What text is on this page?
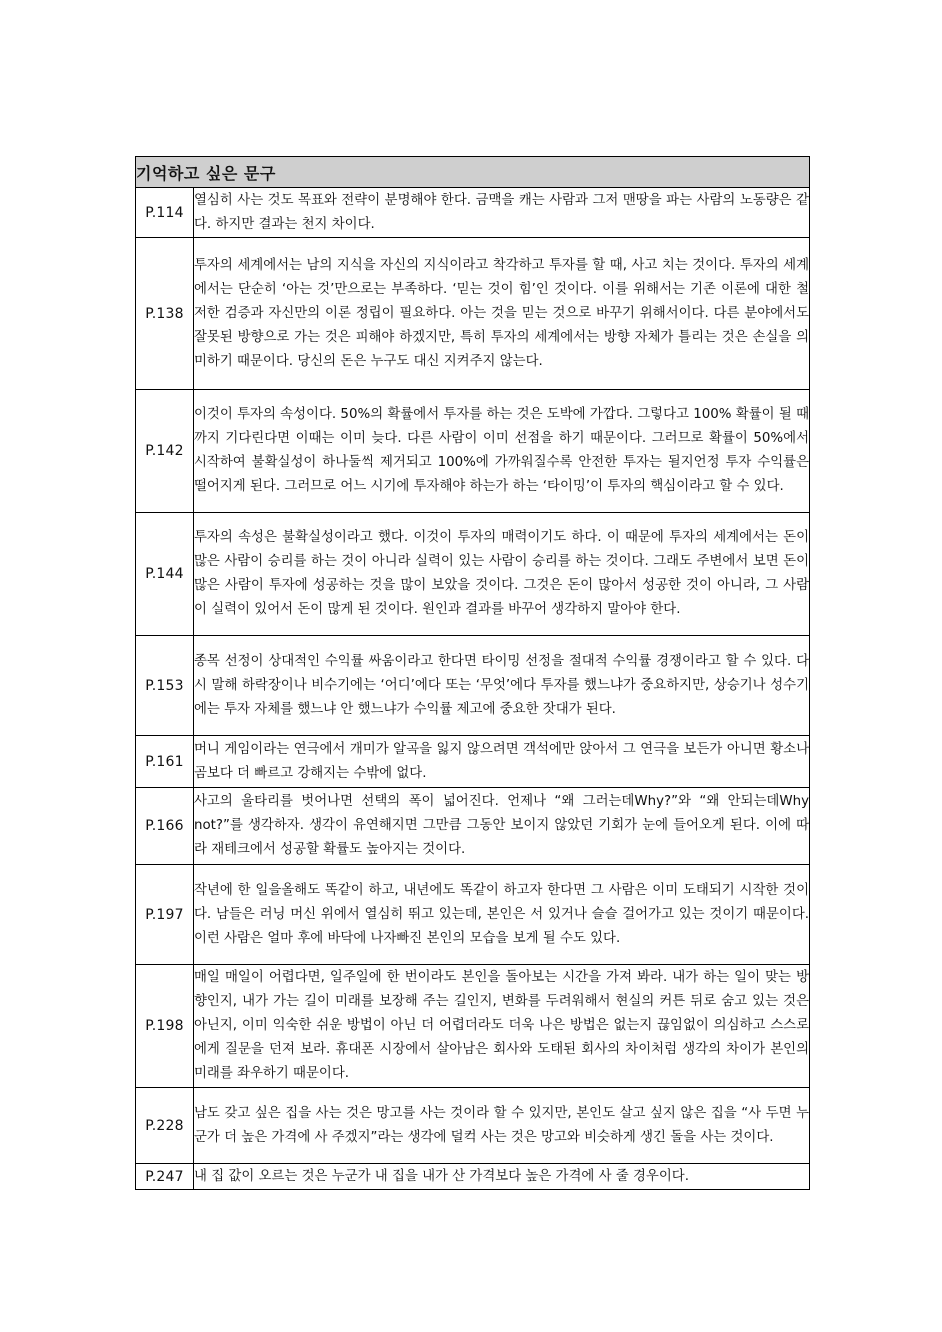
기억하고 싶은 문구	
P.114	열심히 사는 것도 목표와 전략이 분명해야 한다. 금맥을 캐는 사람과 그저 맨땅을 파는 사람의 노동량은 같다. 하지만 결과는 천지 차이다.
P.138	투자의 세계에서는 남의 지식을 자신의 지식이라고 착각하고 투자를 할 때, 사고 치는 것이다. 투자의 세계에서는 단순히 ‘아는 것’만으로는 부족하다. ‘믿는 것이 힘’인 것이다. 이를 위해서는 기존 이론에 대한 철저한 검증과 자신만의 이론 정립이 필요하다. 아는 것을 믿는 것으로 바꾸기 위해서이다. 다른 분야에서도 잘못된 방향으로 가는 것은 피해야 하겠지만, 특히 투자의 세계에서는 방향 자체가 틀리는 것은 손실을 의미하기 때문이다. 당신의 돈은 누구도 대신 지켜주지 않는다.
P.142	이것이 투자의 속성이다. 50%의 확률에서 투자를 하는 것은 도박에 가깝다. 그렇다고 100% 확률이 될 때까지 기다린다면 이때는 이미 늦다. 다른 사람이 이미 선점을 하기 때문이다. 그러므로 확률이 50%에서 시작하여 불확실성이 하나둘씩 제거되고 100%에 가까워질수록 안전한 투자는 될지언정 투자 수익률은 떨어지게 된다. 그러므로 어느 시기에 투자해야 하는가 하는 ‘타이밍’이 투자의 핵심이라고 할 수 있다.
P.144	투자의 속성은 불확실성이라고 했다. 이것이 투자의 매력이기도 하다. 이 때문에 투자의 세계에서는 돈이 많은 사람이 승리를 하는 것이 아니라 실력이 있는 사람이 승리를 하는 것이다. 그래도 주변에서 보면 돈이 많은 사람이 투자에 성공하는 것을 많이 보았을 것이다. 그것은 돈이 많아서 성공한 것이 아니라, 그 사람이 실력이 있어서 돈이 많게 된 것이다. 원인과 결과를 바꾸어 생각하지 말아야 한다.
P.153	종목 선정이 상대적인 수익률 싸움이라고 한다면 타이밍 선정을 절대적 수익률 경쟁이라고 할 수 있다. 다시 말해 하락장이나 비수기에는 ‘어디’에다 또는 ‘무엇’에다 투자를 했느냐가 중요하지만, 상승기나 성수기에는 투자 자체를 했느냐 안 했느냐가 수익률 제고에 중요한 잣대가 된다.
P.161	머니 게임이라는 연극에서 개미가 알곡을 잃지 않으려면 객석에만 앉아서 그 연극을 보든가 아니면 황소나 곰보다 더 빠르고 강해지는 수밖에 없다.
P.166	사고의 울타리를 벗어나면 선택의 폭이 넓어진다. 언제나 “왜 그러는데Why?”와 “왜 안되는데Why not?”를 생각하자. 생각이 유연해지면 그만큼 그동안 보이지 않았던 기회가 눈에 들어오게 된다. 이에 따라 재테크에서 성공할 확률도 높아지는 것이다.
P.197	작년에 한 일을올해도 똑같이 하고, 내년에도 똑같이 하고자 한다면 그 사람은 이미 도태되기 시작한 것이다. 남들은 러닝 머신 위에서 열심히 뛰고 있는데, 본인은 서 있거나 슬슬 걸어가고 있는 것이기 때문이다. 이런 사람은 얼마 후에 바닥에 나자빠진 본인의 모습을 보게 될 수도 있다.
P.198	매일 매일이 어렵다면, 일주일에 한 번이라도 본인을 돌아보는 시간을 가져 봐라. 내가 하는 일이 맞는 방향인지, 내가 가는 길이 미래를 보장해 주는 길인지, 변화를 두려워해서 현실의 커튼 뒤로 숨고 있는 것은 아닌지, 이미 익숙한 쉬운 방법이 아닌 더 어렵더라도 더욱 나은 방법은 없는지 끊임없이 의심하고 스스로에게 질문을 던져 보라. 휴대폰 시장에서 살아남은 회사와 도태된 회사의 차이처럼 생각의 차이가 본인의 미래를 좌우하기 때문이다.
P.228	남도 갖고 싶은 집을 사는 것은 망고를 사는 것이라 할 수 있지만, 본인도 살고 싶지 않은 집을 “사 두면 누군가 더 높은 가격에 사 주겠지”라는 생각에 덜컥 사는 것은 망고와 비슷하게 생긴 돌을 사는 것이다.
P.247	내 집 값이 오르는 것은 누군가 내 집을 내가 산 가격보다 높은 가격에 사 줄 경우이다.
